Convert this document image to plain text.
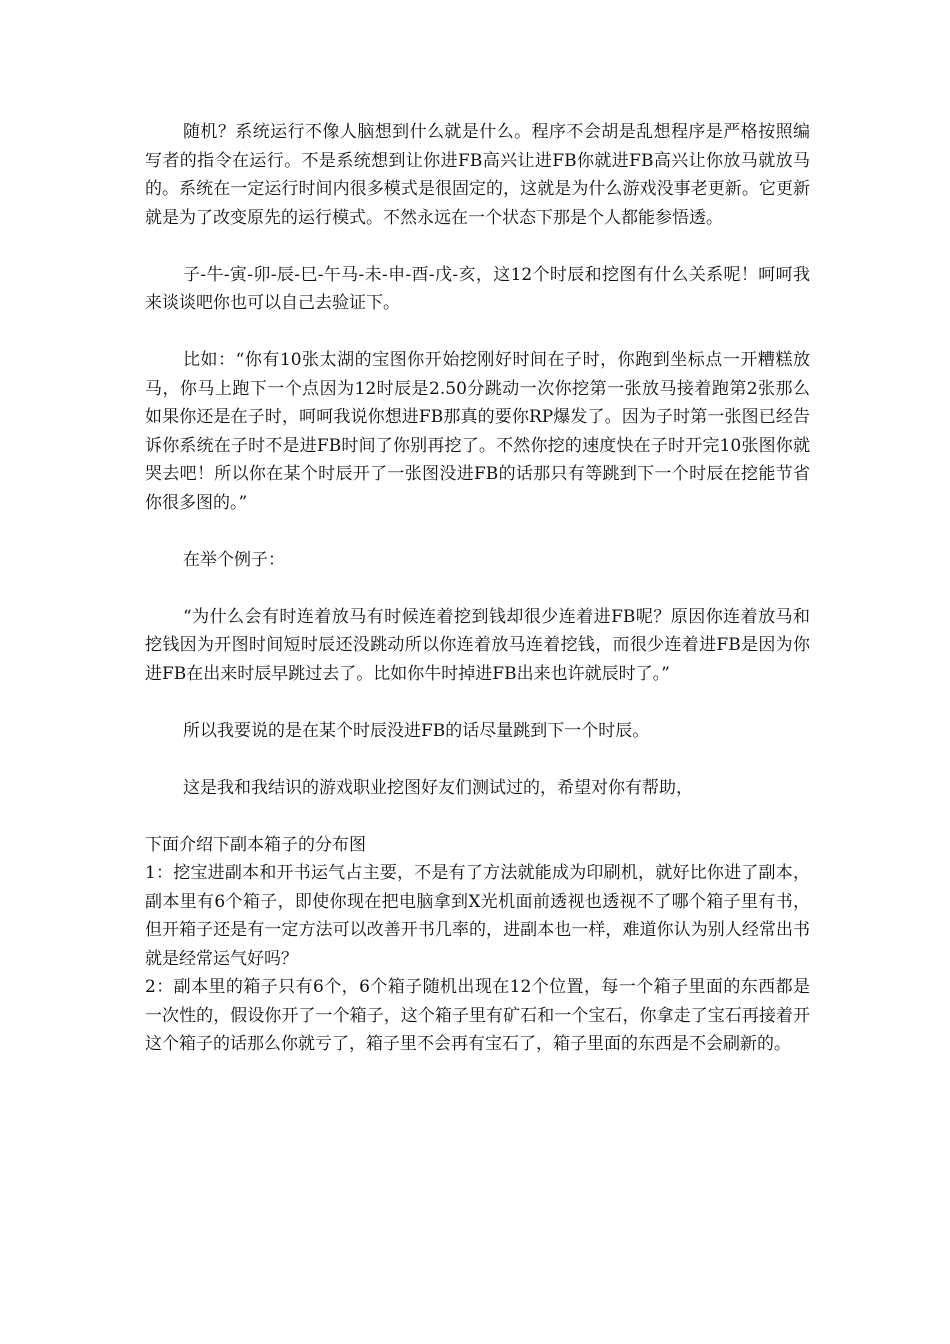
随机？系统运行不像人脑想到什么就是什么。程序不会胡是乱想程序是严格按照编写者的指令在运行。不是系统想到让你进FB高兴让进FB你就进FB高兴让你放马就放马的。系统在一定运行时间内很多模式是很固定的，这就是为什么游戏没事老更新。它更新就是为了改变原先的运行模式。不然永远在一个状态下那是个人都能参悟透。

子-牛-寅-卯-辰-巳-午马-未-申-酉-戊-亥，这12个时辰和挖图有什么关系呢！呵呵我来谈谈吧你也可以自己去验证下。

比如：“你有10张太湖的宝图你开始挖刚好时间在子时，你跑到坐标点一开糟糕放马，你马上跑下一个点因为12时辰是2.50分跳动一次你挖第一张放马接着跑第2张那么如果你还是在子时，呵呵我说你想进FB那真的要你RP爆发了。因为子时第一张图已经告诉你系统在子时不是进FB时间了你别再挖了。不然你挖的速度快在子时开完10张图你就哭去吧！所以你在某个时辰开了一张图没进FB的话那只有等跳到下一个时辰在挖能节省你很多图的。”

在举个例子：

“为什么会有时连着放马有时候连着挖到钱却很少连着进FB呢？原因你连着放马和挖钱因为开图时间短时辰还没跳动所以你连着放马连着挖钱，而很少连着进FB是因为你进FB在出来时辰早跳过去了。比如你牛时掉进FB出来也许就辰时了。”

所以我要说的是在某个时辰没进FB的话尽量跳到下一个时辰。

这是我和我结识的游戏职业挖图好友们测试过的，希望对你有帮助，

下面介绍下副本箱子的分布图

1：挖宝进副本和开书运气占主要，不是有了方法就能成为印刷机，就好比你进了副本，副本里有6个箱子，即使你现在把电脑拿到X光机面前透视也透视不了哪个箱子里有书，但开箱子还是有一定方法可以改善开书几率的，进副本也一样，难道你认为别人经常出书就是经常运气好吗？

2：副本里的箱子只有6个，6个箱子随机出现在12个位置，每一个箱子里面的东西都是一次性的，假设你开了一个箱子，这个箱子里有矿石和一个宝石，你拿走了宝石再接着开这个箱子的话那么你就亏了，箱子里不会再有宝石了，箱子里面的东西是不会刷新的。
